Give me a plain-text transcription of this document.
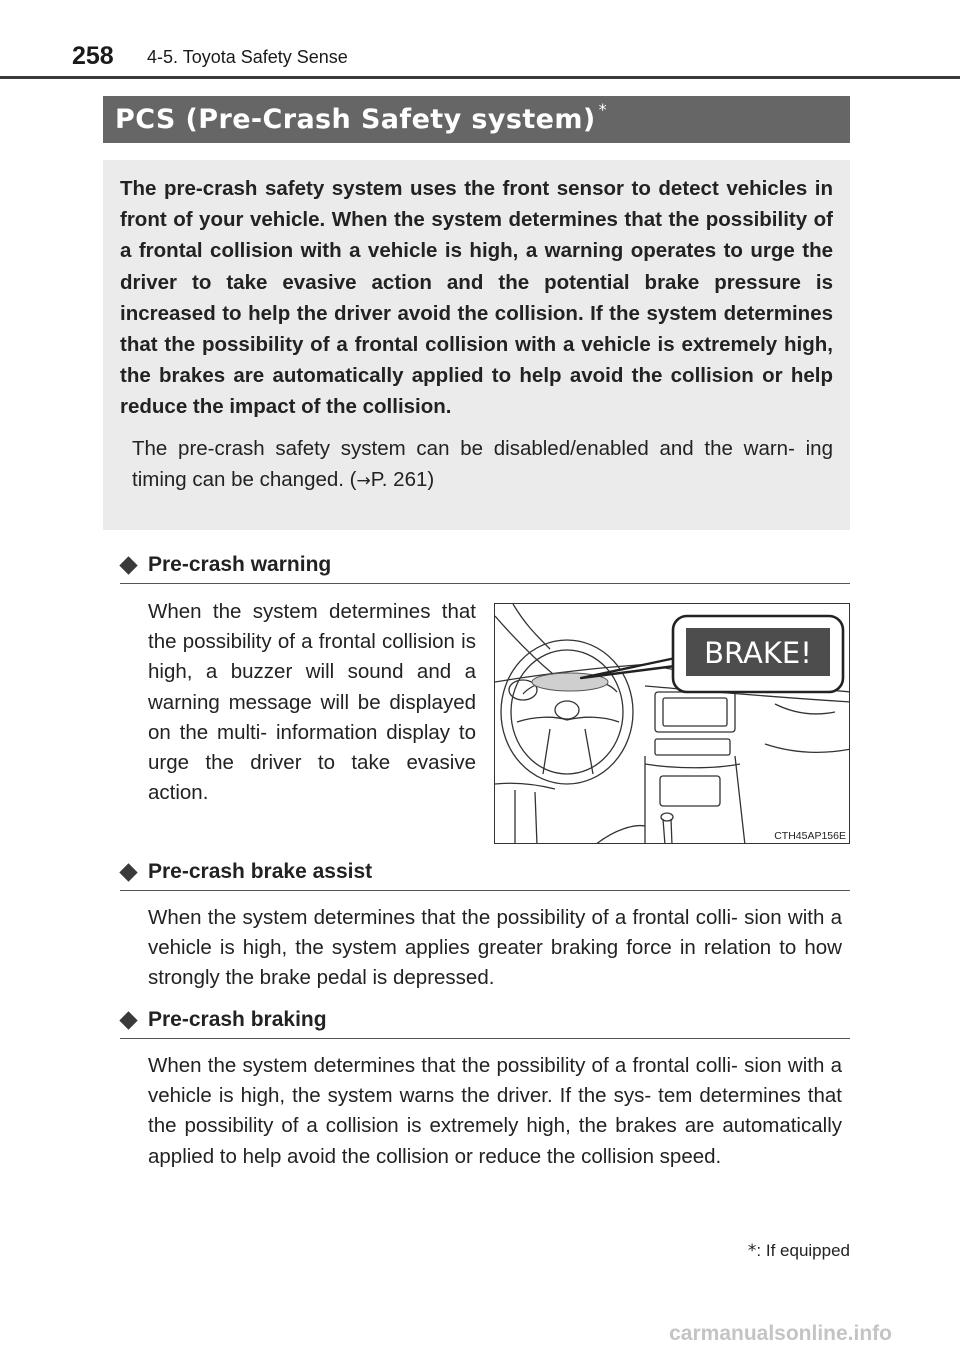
258 4-5. Toyota Safety Sense
PCS (Pre-Crash Safety system) *
The pre-crash safety system uses the front sensor to detect vehicles in front of your vehicle. When the system determines that the possibility of a frontal collision with a vehicle is high, a warning operates to urge the driver to take evasive action and the potential brake pressure is increased to help the driver avoid the collision. If the system determines that the possibility of a frontal collision with a vehicle is extremely high, the brakes are automatically applied to help avoid the collision or help reduce the impact of the collision.
The pre-crash safety system can be disabled/enabled and the warn- ing timing can be changed. (→P. 261)
Pre-crash warning
When the system determines that the possibility of a frontal collision is high, a buzzer will sound and a warning message will be displayed on the multi- information display to urge the driver to take evasive action.
BRAKE!
CTH45AP156E
Pre-crash brake assist
When the system determines that the possibility of a frontal colli- sion with a vehicle is high, the system applies greater braking force in relation to how strongly the brake pedal is depressed.
Pre-crash braking
When the system determines that the possibility of a frontal colli- sion with a vehicle is high, the system warns the driver. If the sys- tem determines that the possibility of a collision is extremely high, the brakes are automatically applied to help avoid the collision or reduce the collision speed.
*: If equipped
carmanualsonline.info
